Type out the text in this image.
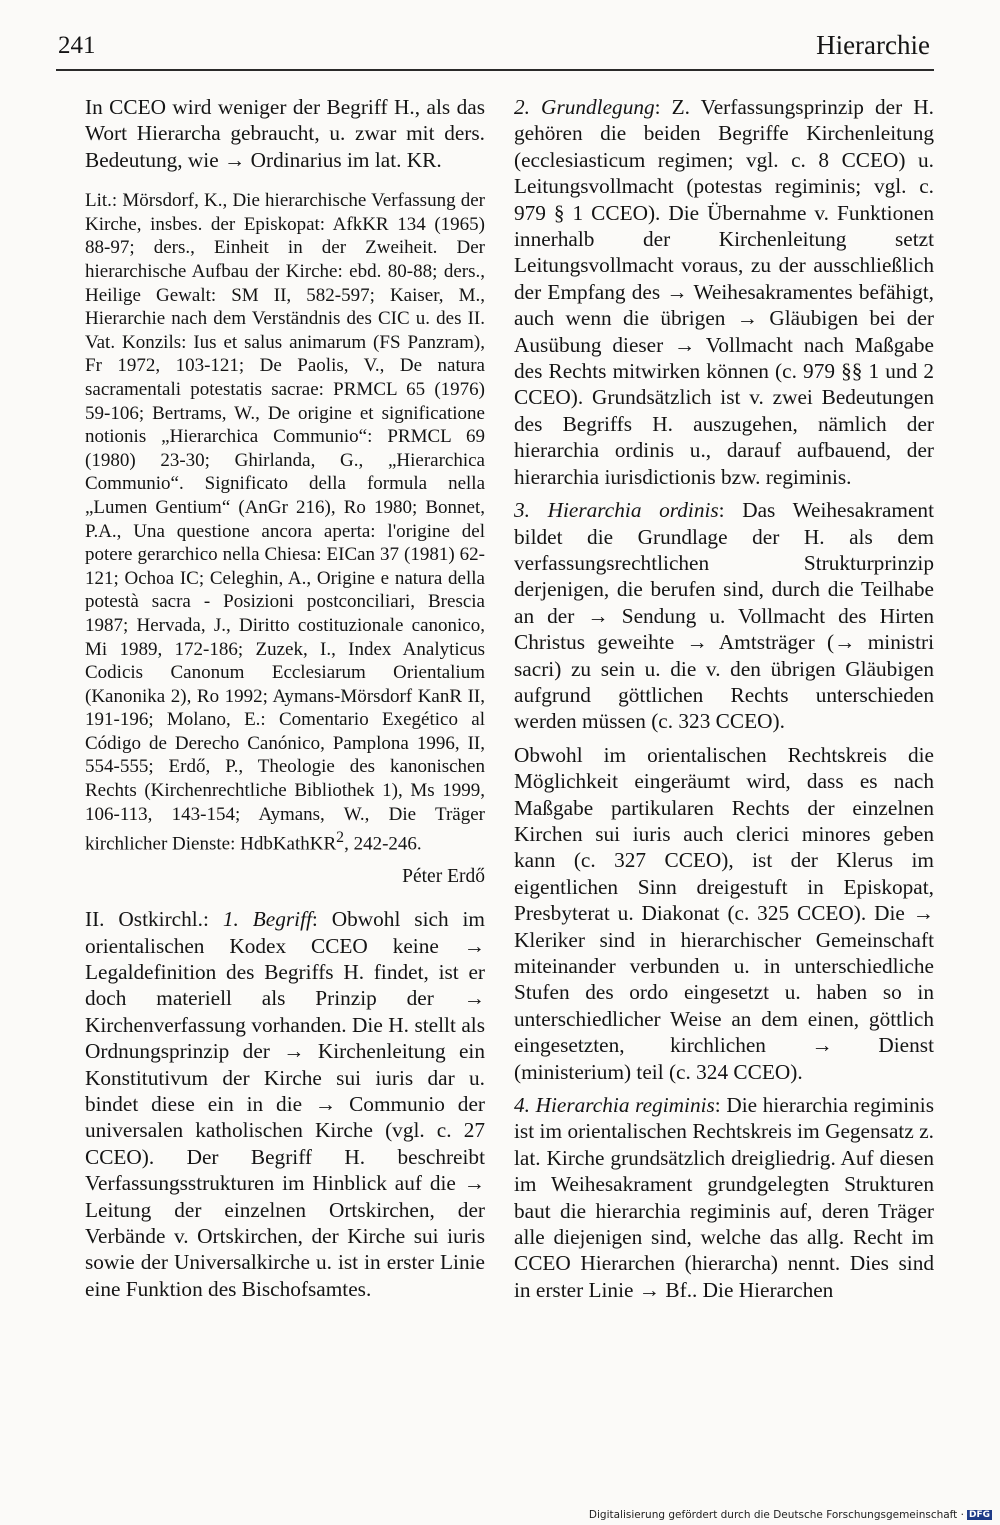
241	Hierarchie

In CCEO wird weniger der Begriff H., als das Wort Hierarcha gebraucht, u. zwar mit ders. Bedeutung, wie → Ordinarius im lat. KR.

Lit.: Mörsdorf, K., Die hierarchische Verfassung der Kirche, insbes. der Episkopat: AfkKR 134 (1965) 88-97; ders., Einheit in der Zweiheit. Der hierarchische Aufbau der Kirche: ebd. 80-88; ders., Heilige Gewalt: SM II, 582-597; Kaiser, M., Hierarchie nach dem Verständnis des CIC u. des II. Vat. Konzils: Ius et salus animarum (FS Panzram), Fr 1972, 103-121; De Paolis, V., De natura sacramentali potestatis sacrae: PRMCL 65 (1976) 59-106; Bertrams, W., De origine et significatione notionis „Hierarchica Communio“: PRMCL 69 (1980) 23-30; Ghirlanda, G., „Hierarchica Communio“. Significato della formula nella „Lumen Gentium“ (AnGr 216), Ro 1980; Bonnet, P.A., Una questione ancora aperta: l'origine del potere gerarchico nella Chiesa: EICan 37 (1981) 62-121; Ochoa IC; Celeghin, A., Origine e natura della potestà sacra - Posizioni postconciliari, Brescia 1987; Hervada, J., Diritto costituzionale canonico, Mi 1989, 172-186; Zuzek, I., Index Analyticus Codicis Canonum Ecclesiarum Orientalium (Kanonika 2), Ro 1992; Aymans-Mörsdorf KanR II, 191-196; Molano, E.: Comentario Exegético al Código de Derecho Canónico, Pamplona 1996, II, 554-555; Erdő, P., Theologie des kanonischen Rechts (Kirchenrechtliche Bibliothek 1), Ms 1999, 106-113, 143-154; Aymans, W., Die Träger kirchlicher Dienste: HdbKathKR$^2$, 242-246.

Péter Erdő

II. Ostkirchl.: 1. Begriff: Obwohl sich im orientalischen Kodex CCEO keine → Legaldefinition des Begriffs H. findet, ist er doch materiell als Prinzip der → Kirchenverfassung vorhanden. Die H. stellt als Ordnungsprinzip der → Kirchenleitung ein Konstitutivum der Kirche sui iuris dar u. bindet diese ein in die → Communio der universalen katholischen Kirche (vgl. c. 27 CCEO). Der Begriff H. beschreibt Verfassungsstrukturen im Hinblick auf die → Leitung der einzelnen Ortskirchen, der Verbände v. Ortskirchen, der Kirche sui iuris sowie der Universalkirche u. ist in erster Linie eine Funktion des Bischofsamtes.

2. Grundlegung: Z. Verfassungsprinzip der H. gehören die beiden Begriffe Kirchenleitung (ecclesiasticum regimen; vgl. c. 8 CCEO) u. Leitungsvollmacht (potestas regiminis; vgl. c. 979 § 1 CCEO). Die Übernahme v. Funktionen innerhalb der Kirchenleitung setzt Leitungsvollmacht voraus, zu der ausschließlich der Empfang des → Weihesakramentes befähigt, auch wenn die übrigen → Gläubigen bei der Ausübung dieser → Vollmacht nach Maßgabe des Rechts mitwirken können (c. 979 §§ 1 und 2 CCEO). Grundsätzlich ist v. zwei Bedeutungen des Begriffs H. auszugehen, nämlich der hierarchia ordinis u., darauf aufbauend, der hierarchia iurisdictionis bzw. regiminis.

3. Hierarchia ordinis: Das Weihesakrament bildet die Grundlage der H. als dem verfassungsrechtlichen Strukturprinzip derjenigen, die berufen sind, durch die Teilhabe an der → Sendung u. Vollmacht des Hirten Christus geweihte → Amtsträger (→ ministri sacri) zu sein u. die v. den übrigen Gläubigen aufgrund göttlichen Rechts unterschieden werden müssen (c. 323 CCEO).

Obwohl im orientalischen Rechtskreis die Möglichkeit eingeräumt wird, dass es nach Maßgabe partikularen Rechts der einzelnen Kirchen sui iuris auch clerici minores geben kann (c. 327 CCEO), ist der Klerus im eigentlichen Sinn dreigestuft in Episkopat, Presbyterat u. Diakonat (c. 325 CCEO). Die → Kleriker sind in hierarchischer Gemeinschaft miteinander verbunden u. in unterschiedliche Stufen des ordo eingesetzt u. haben so in unterschiedlicher Weise an dem einen, göttlich eingesetzten, kirchlichen → Dienst (ministerium) teil (c. 324 CCEO).

4. Hierarchia regiminis: Die hierarchia regiminis ist im orientalischen Rechtskreis im Gegensatz z. lat. Kirche grundsätzlich dreigliedrig. Auf diesen im Weihesakrament grundgelegten Strukturen baut die hierarchia regiminis auf, deren Träger alle diejenigen sind, welche das allg. Recht im CCEO Hierarchen (hierarcha) nennt. Dies sind in erster Linie → Bf.. Die Hierarchen

Digitalisierung gefördert durch die Deutsche Forschungsgemeinschaft · DFG
